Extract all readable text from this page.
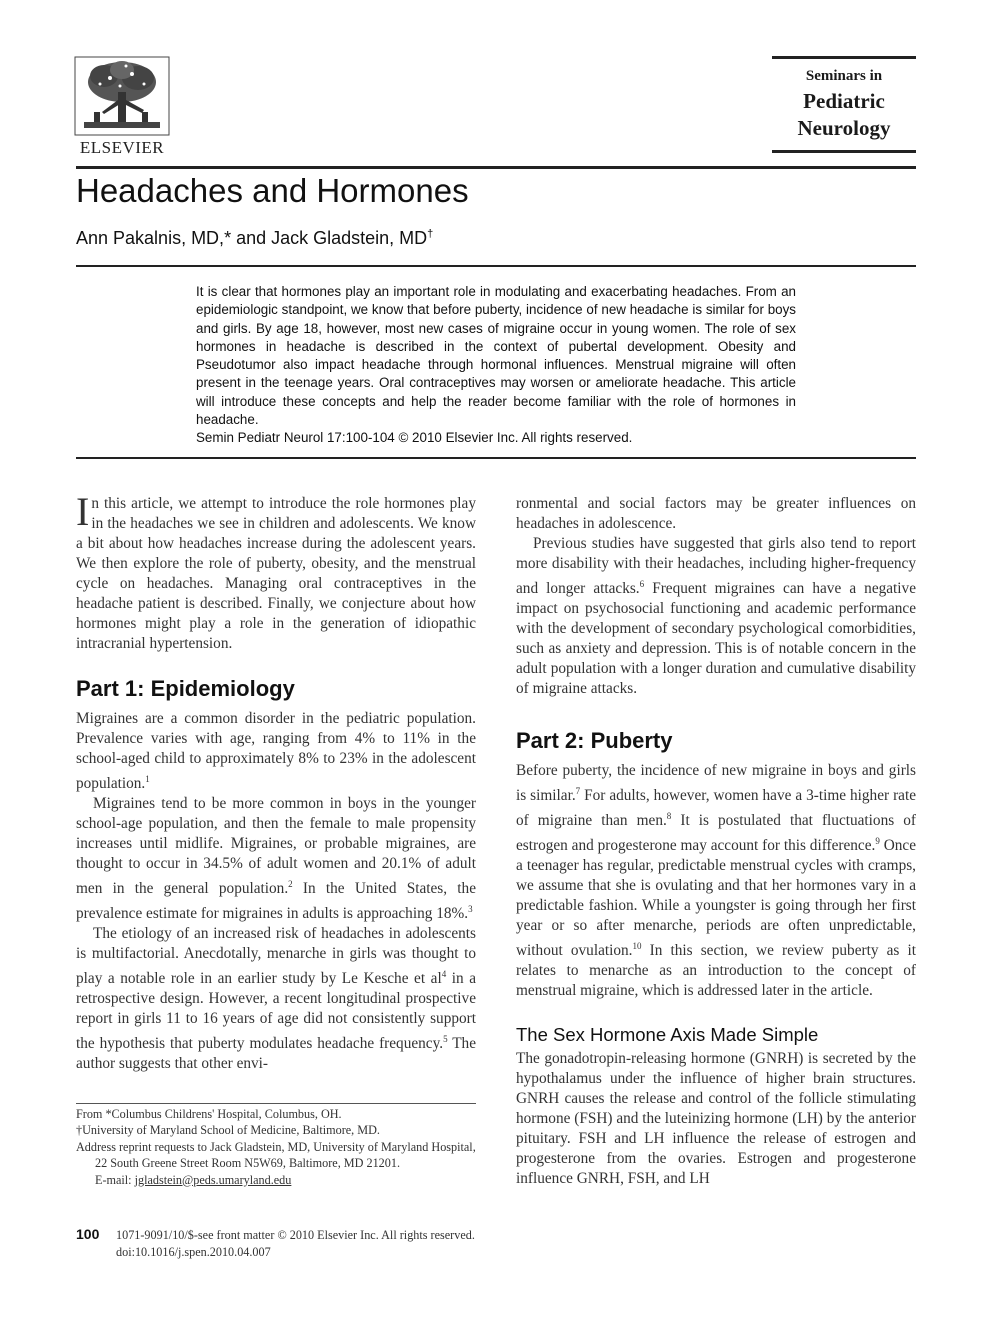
ELSEVIER
Seminars in
Pediatric
Neurology
Headaches and Hormones
Ann Pakalnis, MD,* and Jack Gladstein, MD†
It is clear that hormones play an important role in modulating and exacerbating headaches. From an epidemiologic standpoint, we know that before puberty, incidence of new headache is similar for boys and girls. By age 18, however, most new cases of migraine occur in young women. The role of sex hormones in headache is described in the context of pubertal development. Obesity and Pseudotumor also impact headache through hormonal influences. Menstrual migraine will often present in the teenage years. Oral contraceptives may worsen or ameliorate headache. This article will introduce these concepts and help the reader become familiar with the role of hormones in headache.
Semin Pediatr Neurol 17:100-104 © 2010 Elsevier Inc. All rights reserved.

In this article, we attempt to introduce the role hormones play in the headaches we see in children and adolescents. We know a bit about how headaches increase during the adolescent years. We then explore the role of puberty, obesity, and the menstrual cycle on headaches. Managing oral contraceptives in the headache patient is described. Finally, we conjecture about how hormones might play a role in the generation of idiopathic intracranial hypertension.

Part 1: Epidemiology

Migraines are a common disorder in the pediatric population. Prevalence varies with age, ranging from 4% to 11% in the school-aged child to approximately 8% to 23% in the adolescent population.$^1$

Migraines tend to be more common in boys in the younger school-age population, and then the female to male propensity increases until midlife. Migraines, or probable migraines, are thought to occur in 34.5% of adult women and 20.1% of adult men in the general population.$^2$ In the United States, the prevalence estimate for migraines in adults is approaching 18%.$^3$

The etiology of an increased risk of headaches in adolescents is multifactorial. Anecdotally, menarche in girls was thought to play a notable role in an earlier study by Le Kesche et $al^4$ in a retrospective design. However, a recent longitudinal prospective report in girls 11 to 16 years of age did not consistently support the hypothesis that puberty modulates headache frequency.$^5$ The author suggests that other envi-

ronmental and social factors may be greater influences on headaches in adolescence.

Previous studies have suggested that girls also tend to report more disability with their headaches, including higher-frequency and longer attacks.$^6$ Frequent migraines can have a negative impact on psychosocial functioning and academic performance with the development of secondary psychological comorbidities, such as anxiety and depression. This is of notable concern in the adult population with a longer duration and cumulative disability of migraine attacks.

Part 2: Puberty

Before puberty, the incidence of new migraine in boys and girls is similar.$^7$ For adults, however, women have a 3-time higher rate of migraine than men.$^8$ It is postulated that fluctuations of estrogen and progesterone may account for this difference.$^9$ Once a teenager has regular, predictable menstrual cycles with cramps, we assume that she is ovulating and that her hormones vary in a predictable fashion. While a youngster is going through her first year or so after menarche, periods are often unpredictable, without ovulation.$^{10}$ In this section, we review puberty as it relates to menarche as an introduction to the concept of menstrual migraine, which is addressed later in the article.

The Sex Hormone Axis Made Simple

The gonadotropin-releasing hormone (GNRH) is secreted by the hypothalamus under the influence of higher brain structures. GNRH causes the release and control of the follicle stimulating hormone (FSH) and the luteinizing hormone (LH) by the anterior pituitary. FSH and LH influence the release of estrogen and progesterone from the ovaries. Estrogen and progesterone influence GNRH, FSH, and LH

From *Columbus Childrens' Hospital, Columbus, OH.

†University of Maryland School of Medicine, Baltimore, MD.

Address reprint requests to Jack Gladstein, MD, University of Maryland Hospital, 22 South Greene Street Room N5W69, Baltimore, MD 21201.

E-mail: jgladstein@peds.umaryland.edu

100 1071-9091/10/$-see front matter © 2010 Elsevier Inc. All rights reserved.
doi:10.1016/j.spen.2010.04.007
